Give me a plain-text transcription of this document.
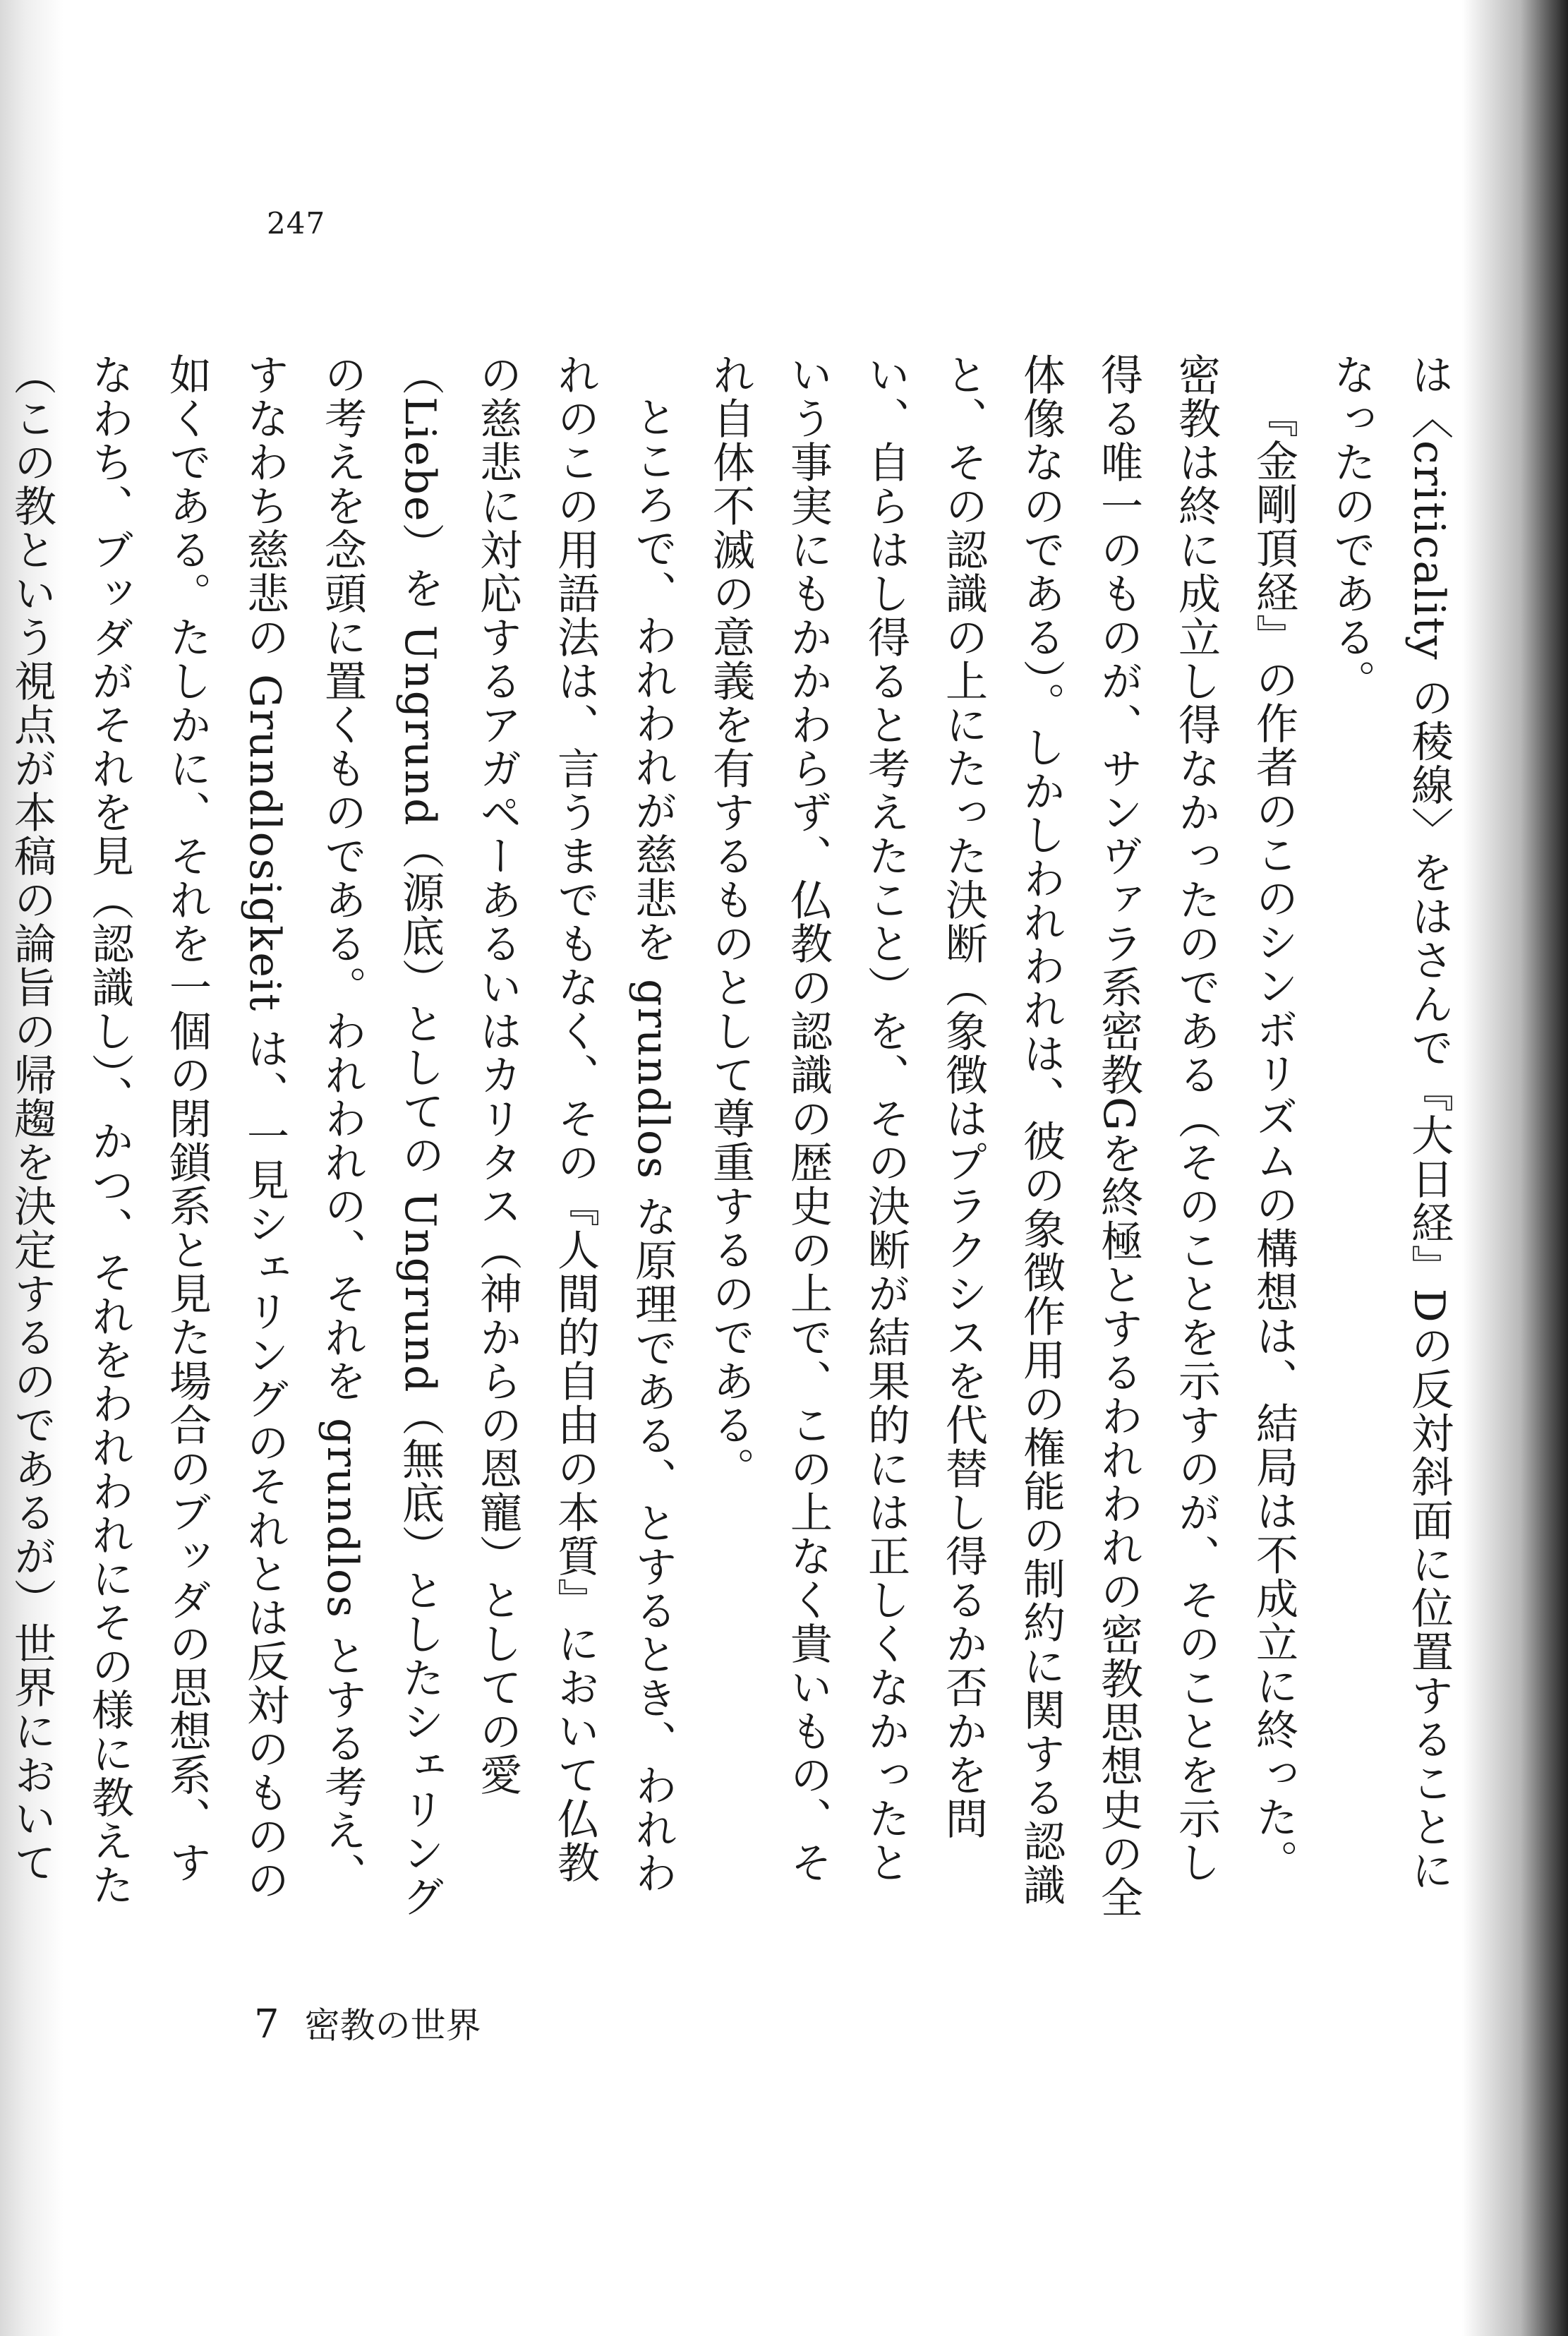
247

は〈criticality の稜線〉をはさんで『大日経』Dの反対斜面に位置することになったのである。

『金剛頂経』の作者のこのシンボリズムの構想は、結局は不成立に終った。密教は終に成立し得なかったのである（そのことを示すのが、そのことを示し得る唯一のものが、サンヴァラ系密教Gを終極とするわれわれの密教思想史の全体像なのである）。しかしわれわれは、彼の象徴作用の権能の制約に関する認識と、その認識の上にたった決断（象徴はプラクシスを代替し得るか否かを問い、自らはし得ると考えたこと）を、その決断が結果的には正しくなかったという事実にもかかわらず、仏教の認識の歴史の上で、この上なく貴いもの、それ自体不滅の意義を有するものとして尊重するのである。

ところで、われわれが慈悲を grundlos な原理である、とするとき、われわれのこの用語法は、言うまでもなく、その『人間的自由の本質』において仏教の慈悲に対応するアガペーあるいはカリタス（神からの恩寵）としての愛（Liebe）を Ungrund（源底）としての Ungrund（無底）としたシェリングの考えを念頭に置くものである。われわれの、それを grundlos とする考え、すなわち慈悲の Grundlosigkeit は、一見シェリングのそれとは反対のものの如くである。たしかに、それを一個の閉鎖系と見た場合のブッダの思想系、すなわち、ブッダがそれを見（認識し）、かつ、それをわれわれにその様に教えた（この教という視点が本稿の論旨の帰趨を決定するのであるが）世界において

7 密教の世界
